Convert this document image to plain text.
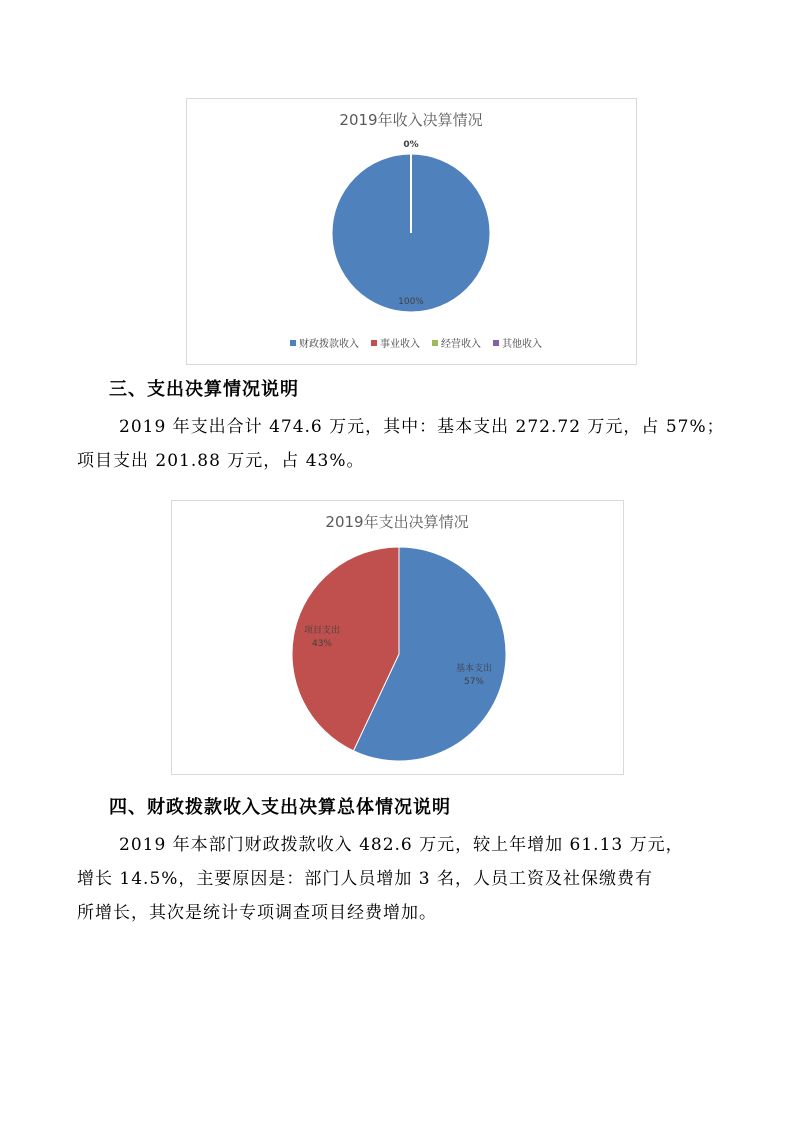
2019年收入决算情况
0%
100%
财政拨款收入 事业收入 经营收入 其他收入
三、支出决算情况说明
2019 年支出合计 474.6 万元，其中：基本支出 272.72 万元，占 57%；
项目支出 201.88 万元，占 43%。
2019年支出决算情况
基本支出
57%
项目支出
43%
四、财政拨款收入支出决算总体情况说明
2019 年本部门财政拨款收入 482.6 万元，较上年增加 61.13 万元，
增长 14.5%，主要原因是：部门人员增加 3 名，人员工资及社保缴费有
所增长，其次是统计专项调查项目经费增加。
